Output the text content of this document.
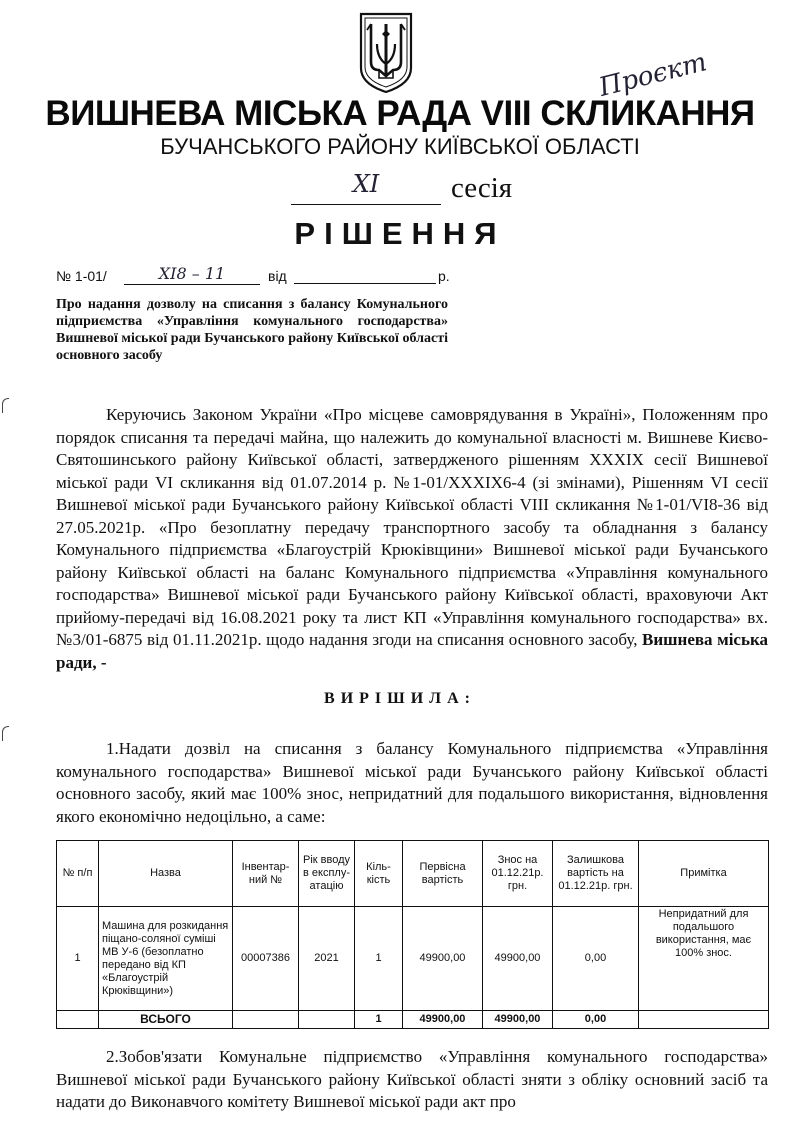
Проєкт
ВИШНЕВА МІСЬКА РАДА VIII СКЛИКАННЯ
БУЧАНСЬКОГО РАЙОНУ КИЇВСЬКОЇ ОБЛАСТІ
XI	сесія
РІШЕННЯ
№ 1-01/	XI8 – 11	від	р.
Про надання дозволу на списання з балансу Комунального підприємства «Управління комунального господарства» Вишневої міської ради Бучанського району Київської області основного засобу
Керуючись Законом України «Про місцеве самоврядування в Україні», Положенням про порядок списання та передачі майна, що належить до комунальної власності м. Вишневе Києво-Святошинського району Київської області, затвердженого рішенням XXXIX сесії Вишневої міської ради VI скликання від 01.07.2014 р. №1-01/XXXIX6-4 (зі змінами), Рішенням VI сесії Вишневої міської ради Бучанського району Київської області VIII скликання №1-01/VI8-36 від 27.05.2021р. «Про безоплатну передачу транспортного засобу та обладнання з балансу Комунального підприємства «Благоустрій Крюківщини» Вишневої міської ради Бучанського району Київської області на баланс Комунального підприємства «Управління комунального господарства» Вишневої міської ради Бучанського району Київської області, враховуючи Акт прийому-передачі від 16.08.2021 року та лист КП «Управління комунального господарства» вх. №3/01-6875 від 01.11.2021р. щодо надання згоди на списання основного засобу, Вишнева міська ради, -
ВИРІШИЛА:
1.Надати дозвіл на списання з балансу Комунального підприємства «Управління комунального господарства» Вишневої міської ради Бучанського району Київської області основного засобу, який має 100% знос, непридатний для подальшого використання, відновлення якого економічно недоцільно, а саме:
№ п/п	Назва	Інвентар-ний №	Рік вводу в експлу-атацію	Кіль-кість	Первісна вартість	Знос на 01.12.21р. грн.	Залишкова вартість на 01.12.21р. грн.	Примітка
1	Машина для розкидання піщано-соляної суміші МВ У-6 (безоплатно передано від КП «Благоустрій Крюківщини»)	00007386	2021	1	49900,00	49900,00	0,00	Непридатний для подальшого використання, має 100% знос.
	ВСЬОГО			1	49900,00	49900,00	0,00	
2.Зобов'язати Комунальне підприємство «Управління комунального господарства» Вишневої міської ради Бучанського району Київської області зняти з обліку основний засіб та надати до Виконавчого комітету Вишневої міської ради акт про
